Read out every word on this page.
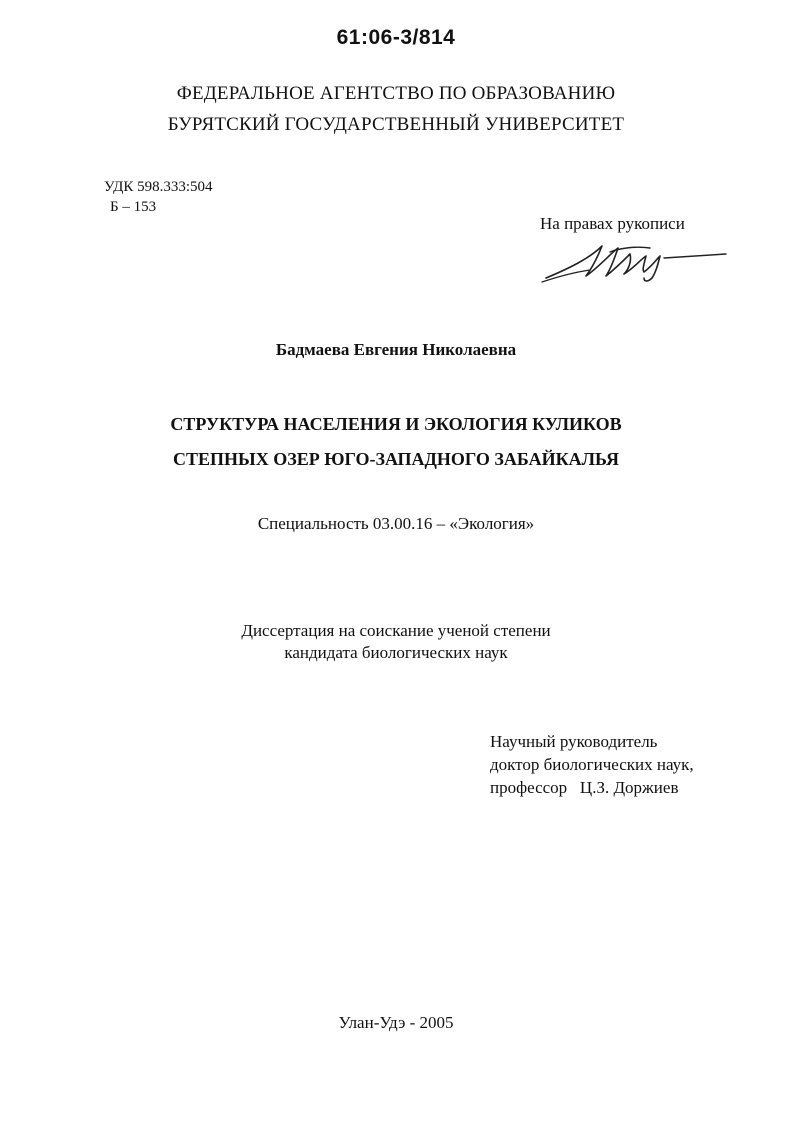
61:06-3/814
ФЕДЕРАЛЬНОЕ АГЕНТСТВО ПО ОБРАЗОВАНИЮ
БУРЯТСКИЙ ГОСУДАРСТВЕННЫЙ УНИВЕРСИТЕТ
УДК 598.333:504
Б – 153
На правах рукописи
Бадмаева Евгения Николаевна
СТРУКТУРА НАСЕЛЕНИЯ И ЭКОЛОГИЯ КУЛИКОВ
СТЕПНЫХ ОЗЕР ЮГО-ЗАПАДНОГО ЗАБАЙКАЛЬЯ
Специальность 03.00.16 – «Экология»
Диссертация на соискание ученой степени
кандидата биологических наук
Научный руководитель
доктор биологических наук,
профессор   Ц.З. Доржиев
Улан-Удэ - 2005
